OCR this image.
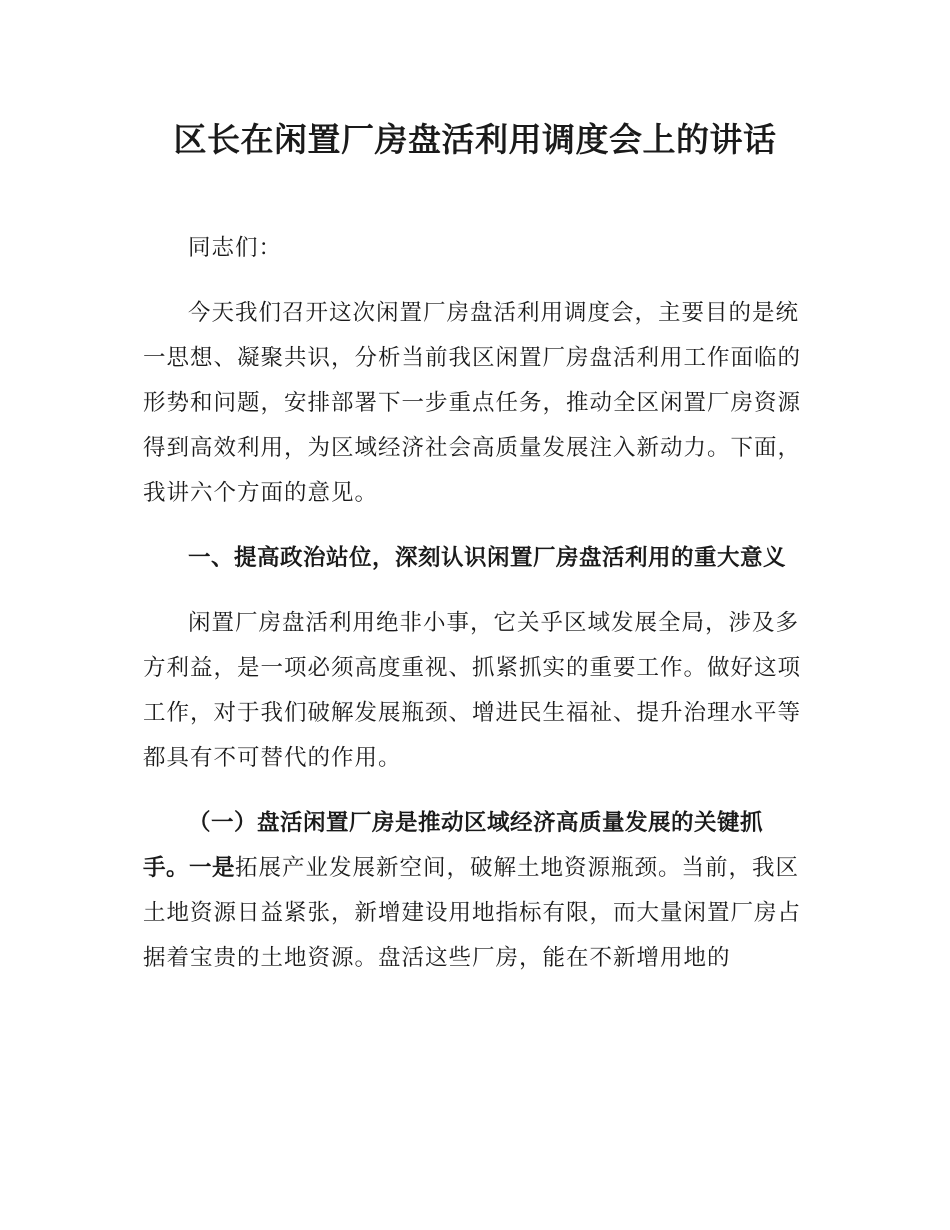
区长在闲置厂房盘活利用调度会上的讲话

同志们：

今天我们召开这次闲置厂房盘活利用调度会，主要目的是统一思想、凝聚共识，分析当前我区闲置厂房盘活利用工作面临的形势和问题，安排部署下一步重点任务，推动全区闲置厂房资源得到高效利用，为区域经济社会高质量发展注入新动力。下面，我讲六个方面的意见。

一、提高政治站位，深刻认识闲置厂房盘活利用的重大意义

闲置厂房盘活利用绝非小事，它关乎区域发展全局，涉及多方利益，是一项必须高度重视、抓紧抓实的重要工作。做好这项工作，对于我们破解发展瓶颈、增进民生福祉、提升治理水平等都具有不可替代的作用。

（一）盘活闲置厂房是推动区域经济高质量发展的关键抓手。一是拓展产业发展新空间，破解土地资源瓶颈。当前，我区土地资源日益紧张，新增建设用地指标有限，而大量闲置厂房占据着宝贵的土地资源。盘活这些厂房，能在不新增用地的
